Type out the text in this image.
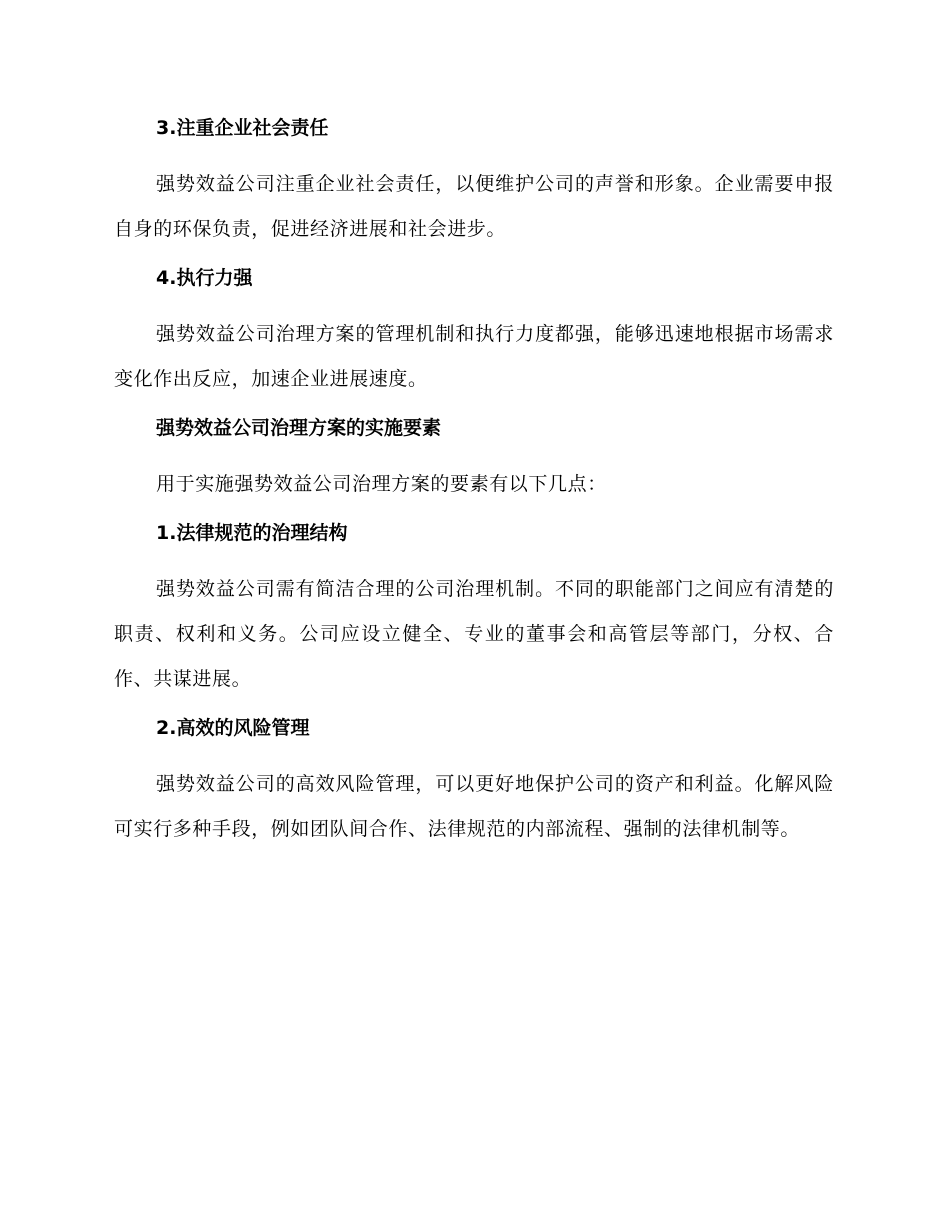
3.注重企业社会责任

强势效益公司注重企业社会责任，以便维护公司的声誉和形象。企业需要申报自身的环保负责，促进经济进展和社会进步。

4.执行力强

强势效益公司治理方案的管理机制和执行力度都强，能够迅速地根据市场需求变化作出反应，加速企业进展速度。

强势效益公司治理方案的实施要素

用于实施强势效益公司治理方案的要素有以下几点：

1.法律规范的治理结构

强势效益公司需有简洁合理的公司治理机制。不同的职能部门之间应有清楚的职责、权利和义务。公司应设立健全、专业的董事会和高管层等部门，分权、合作、共谋进展。

2.高效的风险管理

强势效益公司的高效风险管理，可以更好地保护公司的资产和利益。化解风险可实行多种手段，例如团队间合作、法律规范的内部流程、强制的法律机制等。
